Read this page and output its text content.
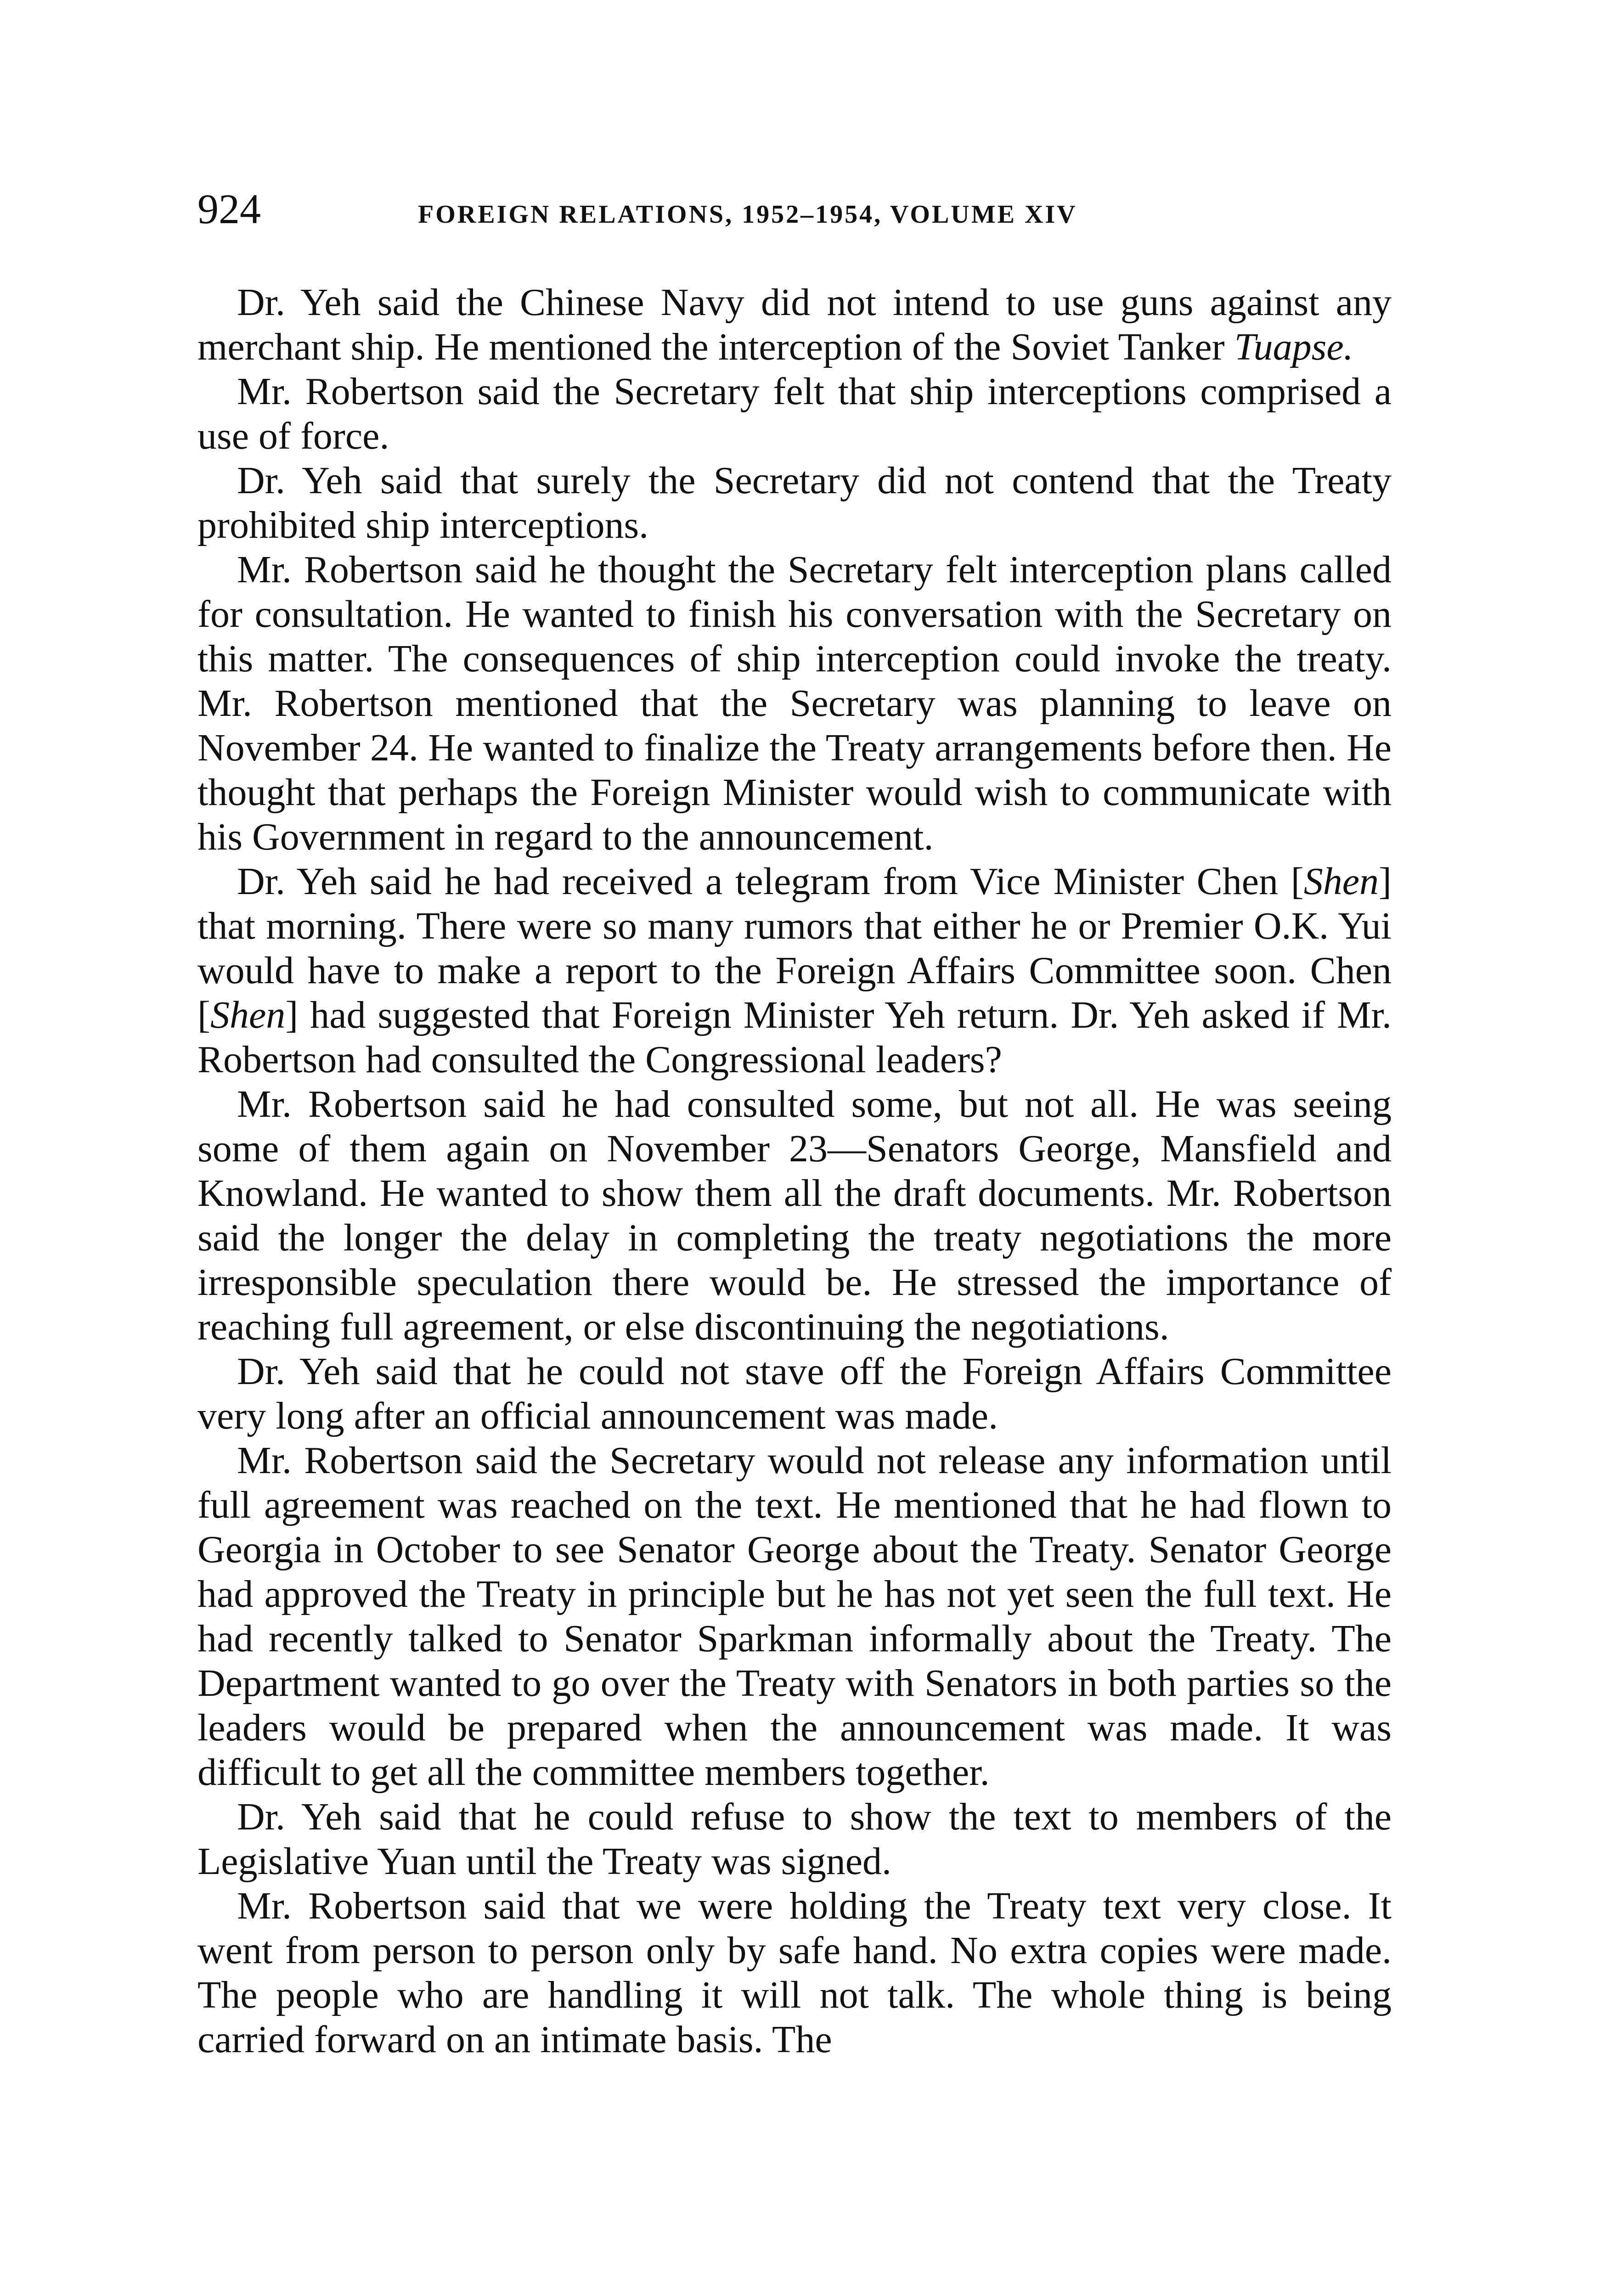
924	FOREIGN RELATIONS, 1952–1954, VOLUME XIV

Dr. Yeh said the Chinese Navy did not intend to use guns against any merchant ship. He mentioned the interception of the Soviet Tanker Tuapse.

Mr. Robertson said the Secretary felt that ship interceptions comprised a use of force.

Dr. Yeh said that surely the Secretary did not contend that the Treaty prohibited ship interceptions.

Mr. Robertson said he thought the Secretary felt interception plans called for consultation. He wanted to finish his conversation with the Secretary on this matter. The consequences of ship interception could invoke the treaty. Mr. Robertson mentioned that the Secretary was planning to leave on November 24. He wanted to finalize the Treaty arrangements before then. He thought that perhaps the Foreign Minister would wish to communicate with his Government in regard to the announcement.

Dr. Yeh said he had received a telegram from Vice Minister Chen [Shen] that morning. There were so many rumors that either he or Premier O.K. Yui would have to make a report to the Foreign Affairs Committee soon. Chen [Shen] had suggested that Foreign Minister Yeh return. Dr. Yeh asked if Mr. Robertson had consulted the Congressional leaders?

Mr. Robertson said he had consulted some, but not all. He was seeing some of them again on November 23—Senators George, Mansfield and Knowland. He wanted to show them all the draft documents. Mr. Robertson said the longer the delay in completing the treaty negotiations the more irresponsible speculation there would be. He stressed the importance of reaching full agreement, or else discontinuing the negotiations.

Dr. Yeh said that he could not stave off the Foreign Affairs Committee very long after an official announcement was made.

Mr. Robertson said the Secretary would not release any information until full agreement was reached on the text. He mentioned that he had flown to Georgia in October to see Senator George about the Treaty. Senator George had approved the Treaty in principle but he has not yet seen the full text. He had recently talked to Senator Sparkman informally about the Treaty. The Department wanted to go over the Treaty with Senators in both parties so the leaders would be prepared when the announcement was made. It was difficult to get all the committee members together.

Dr. Yeh said that he could refuse to show the text to members of the Legislative Yuan until the Treaty was signed.

Mr. Robertson said that we were holding the Treaty text very close. It went from person to person only by safe hand. No extra copies were made. The people who are handling it will not talk. The whole thing is being carried forward on an intimate basis. The
